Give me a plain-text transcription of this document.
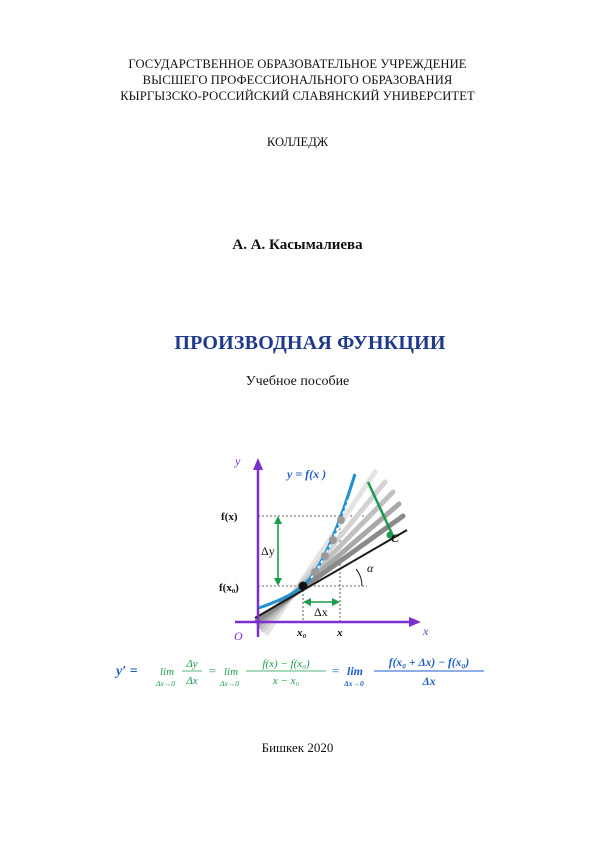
ГОСУДАРСТВЕННОЕ ОБРАЗОВАТЕЛЬНОЕ УЧРЕЖДЕНИЕ
ВЫСШЕГО ПРОФЕССИОНАЛЬНОГО ОБРАЗОВАНИЯ
КЫРГЫЗСКО-РОССИЙСКИЙ СЛАВЯНСКИЙ УНИВЕРСИТЕТ
КОЛЛЕДЖ
А. А. Касымалиева
ПРОИЗВОДНАЯ ФУНКЦИИ
Учебное пособие
y
x
O
y = f(x )
f(x)
f(x₀)
Δy
Δx
α
C
x₀	x
y′ = lim
Δx→0
Δy
Δx
= lim
Δx→0
f(x) − f(x₀)
x − x₀
= lim
Δx→0
f(x₀ + Δx) − f(x₀)
Δx
Бишкек 2020
